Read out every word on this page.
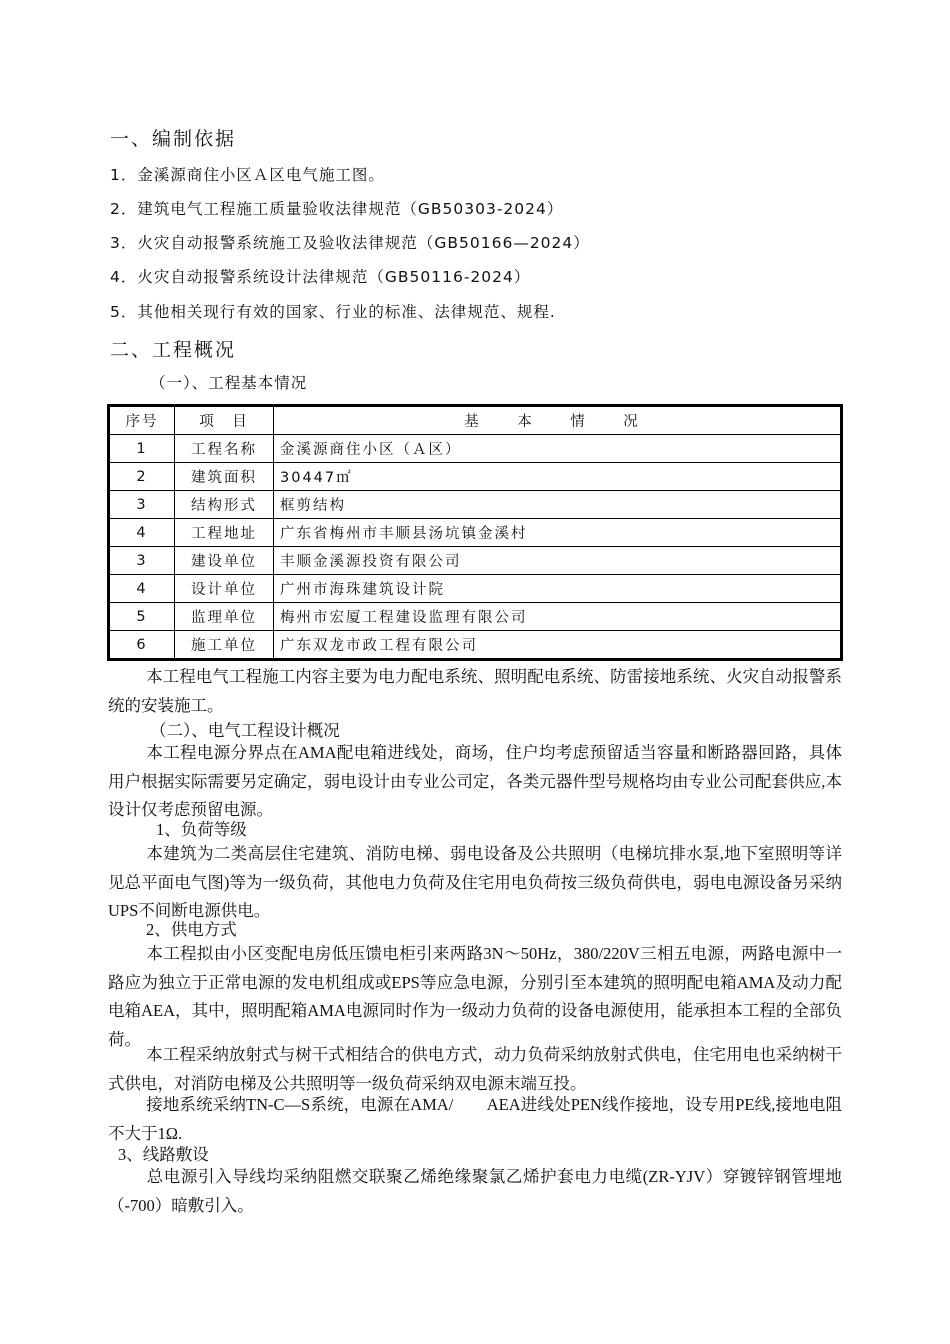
一、编制依据
1．金溪源商住小区Ａ区电气施工图。
2．建筑电气工程施工质量验收法律规范（GB50303-2024）
3．火灾自动报警系统施工及验收法律规范（GB50166—2024）
4．火灾自动报警系统设计法律规范（GB50116-2024）
5．其他相关现行有效的国家、行业的标准、法律规范、规程.
二、工程概况
（一）、工程基本情况
序号	项　目	基　本　情　况
1	工程名称	金溪源商住小区（Ａ区）
2	建筑面积	30447㎡
3	结构形式	框剪结构
4	工程地址	广东省梅州市丰顺县汤坑镇金溪村
3	建设单位	丰顺金溪源投资有限公司
4	设计单位	广州市海珠建筑设计院
5	监理单位	梅州市宏厦工程建设监理有限公司
6	施工单位	广东双龙市政工程有限公司
本工程电气工程施工内容主要为电力配电系统、照明配电系统、防雷接地系统、火灾自动报警系统的安装施工。
（二）、电气工程设计概况
本工程电源分界点在AMA配电箱进线处，商场，住户均考虑预留适当容量和断路器回路，具体用户根据实际需要另定确定，弱电设计由专业公司定，各类元器件型号规格均由专业公司配套供应,本设计仅考虑预留电源。
1、负荷等级
本建筑为二类高层住宅建筑、消防电梯、弱电设备及公共照明（电梯坑排水泵,地下室照明等详见总平面电气图)等为一级负荷，其他电力负荷及住宅用电负荷按三级负荷供电，弱电电源设备另采纳UPS不间断电源供电。
2、供电方式
本工程拟由小区变配电房低压馈电柜引来两路3N～50Hz，380/220V三相五电源，两路电源中一路应为独立于正常电源的发电机组成或EPS等应急电源，分别引至本建筑的照明配电箱AMA及动力配电箱AEA，其中，照明配箱AMA电源同时作为一级动力负荷的设备电源使用，能承担本工程的全部负荷。
本工程采纳放射式与树干式相结合的供电方式，动力负荷采纳放射式供电，住宅用电也采纳树干式供电，对消防电梯及公共照明等一级负荷采纳双电源末端互投。
接地系统采纳TN-C—S系统，电源在AMA/　　AEA进线处PEN线作接地，设专用PE线,接地电阻不大于1Ω.
3、线路敷设
总电源引入导线均采纳阻燃交联聚乙烯绝缘聚氯乙烯护套电力电缆(ZR-YJV）穿镀锌钢管埋地（-700）暗敷引入。
